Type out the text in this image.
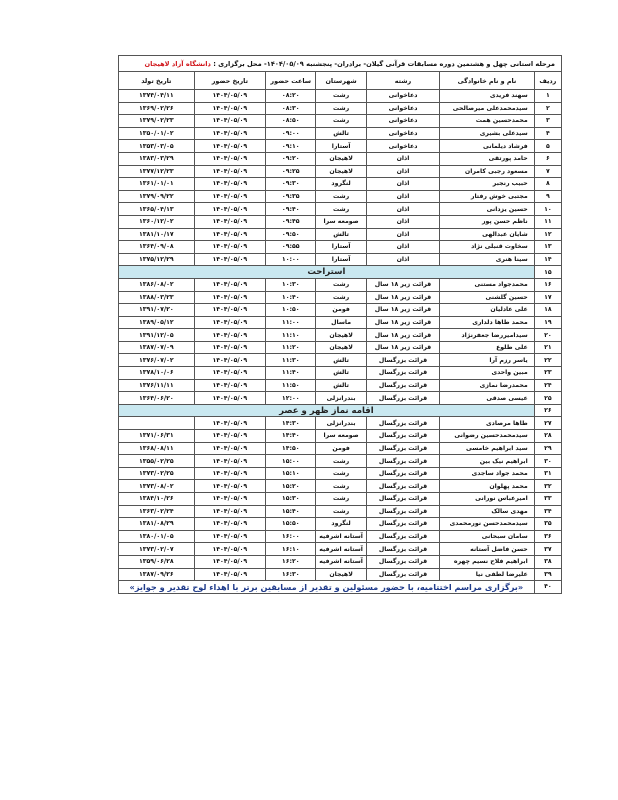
مرحله استانی چهل و هشتمین دوره مسابقات قرآنی گیلان- برادران- پنجشنبه ۱۴۰۴/۰۵/۰۹- محل برگزاری : دانشگاه آزاد لاهیجان						
ردیف	نام و نام خانوادگی	رشته	شهرستان	ساعت حضور	تاریخ حضور	تاریخ تولد
۱	سهند فریدی	دعاخوانی	رشت	۰۸:۲۰	۱۴۰۴/۰۵/۰۹	۱۳۷۴/۰۴/۱۱
۲	سیدمحمدعلی میرصالحی	دعاخوانی	رشت	۰۸:۳۰	۱۴۰۴/۰۵/۰۹	۱۳۶۹/۰۲/۲۶
۳	محمدحسین همت	دعاخوانی	رشت	۰۸:۵۰	۱۴۰۴/۰۵/۰۹	۱۳۷۹/۰۲/۲۳
۴	سیدعلی بشیری	دعاخوانی	تالش	۰۹:۰۰	۱۴۰۴/۰۵/۰۹	۱۳۵۰/۰۱/۰۲
۵	فرشاد دیلمانی	دعاخوانی	آستارا	۰۹:۱۰	۱۴۰۴/۰۵/۰۹	۱۳۵۳/۰۳/۰۵
۶	حامد پورتقی	اذان	لاهیجان	۰۹:۲۰	۱۴۰۴/۰۵/۰۹	۱۳۸۳/۰۳/۲۹
۷	مسعود رجبی کامران	اذان	لاهیجان	۰۹:۲۵	۱۴۰۴/۰۵/۰۹	۱۳۷۷/۱۲/۲۳
۸	حبیب رنجبر	اذان	لنگرود	۰۹:۳۰	۱۴۰۴/۰۵/۰۹	۱۳۶۱/۰۱/۰۱
۹	مجتبی خوش رفتار	اذان	رشت	۰۹:۳۵	۱۴۰۴/۰۵/۰۹	۱۳۷۹/۰۹/۲۲
۱۰	حسین یزدانی	اذان	رشت	۰۹:۴۰	۱۴۰۴/۰۵/۰۹	۱۳۶۵/۰۴/۱۳
۱۱	ناظم حسن پور	اذان	صومعه سرا	۰۹:۴۵	۱۴۰۴/۰۵/۰۹	۱۳۶۰/۱۲/۰۲
۱۲	شایان عبدالهی	اذان	تالش	۰۹:۵۰	۱۴۰۴/۰۵/۰۹	۱۳۸۱/۱۰/۱۷
۱۳	سخاوت قنبلی نژاد	اذان	آستارا	۰۹:۵۵	۱۴۰۴/۰۵/۰۹	۱۳۶۴/۰۹/۰۸
۱۴	سینا هنری	اذان	آستارا	۱۰:۰۰	۱۴۰۴/۰۵/۰۹	۱۳۷۵/۱۲/۲۹
۱۵	استراحت					
۱۶	محمدجواد مستنی	قرائت زیر ۱۸ سال	رشت	۱۰:۳۰	۱۴۰۴/۰۵/۰۹	۱۳۸۶/۰۸/۰۲
۱۷	حسین گلشنی	قرائت زیر ۱۸ سال	رشت	۱۰:۴۰	۱۴۰۴/۰۵/۰۹	۱۳۸۸/۰۳/۲۳
۱۸	علی عادلیان	قرائت زیر ۱۸ سال	فومن	۱۰:۵۰	۱۴۰۴/۰۵/۰۹	۱۳۹۱/۰۷/۲۰
۱۹	محمد طاها دلداری	قرائت زیر ۱۸ سال	ماسال	۱۱:۰۰	۱۴۰۴/۰۵/۰۹	۱۳۸۹/۰۵/۱۲
۲۰	سیدامیررضا جعفرنژاد	قرائت زیر ۱۸ سال	لاهیجان	۱۱:۱۰	۱۴۰۴/۰۵/۰۹	۱۳۹۱/۱۲/۰۵
۲۱	علی طلوع	قرائت زیر ۱۸ سال	لاهیجان	۱۱:۲۰	۱۴۰۴/۰۵/۰۹	۱۳۸۷/۰۷/۰۹
۲۲	یاسر رزم آرا	قرائت بزرگسال	تالش	۱۱:۳۰	۱۴۰۴/۰۵/۰۹	۱۳۷۶/۰۷/۰۲
۲۳	مبین واحدی	قرائت بزرگسال	تالش	۱۱:۴۰	۱۴۰۴/۰۵/۰۹	۱۳۷۸/۱۰/۰۶
۲۴	محمدرضا نمازی	قرائت بزرگسال	تالش	۱۱:۵۰	۱۴۰۴/۰۵/۰۹	۱۳۷۶/۱۱/۱۱
۲۵	عیسی صدقی	قرائت بزرگسال	بندرانزلی	۱۲:۰۰	۱۴۰۴/۰۵/۰۹	۱۳۶۴/۰۶/۲۰
۲۶	اقامه نماز ظهر و عصر					
۲۷	طاها مرصادی	قرائت بزرگسال	بندرانزلی	۱۴:۳۰	۱۴۰۴/۰۵/۰۹	
۲۸	سیدمحمدحسین رضوانی	قرائت بزرگسال	صومعه سرا	۱۴:۴۰	۱۴۰۴/۰۵/۰۹	۱۳۷۱/۰۶/۳۱
۲۹	سید ابراهیم خامسی	قرائت بزرگسال	فومن	۱۴:۵۰	۱۴۰۴/۰۵/۰۹	۱۳۶۸/۰۸/۱۱
۳۰	ابراهیم نیک بین	قرائت بزرگسال	رشت	۱۵:۰۰	۱۴۰۴/۰۵/۰۹	۱۳۵۵/۰۲/۲۵
۳۱	محمد جواد ساجدی	قرائت بزرگسال	رشت	۱۵:۱۰	۱۴۰۴/۰۵/۰۹	۱۳۷۳/۰۲/۲۵
۳۲	محمد پهلوان	قرائت بزرگسال	رشت	۱۵:۲۰	۱۴۰۴/۰۵/۰۹	۱۳۷۳/۰۸/۰۲
۳۳	امیرعباس نورانی	قرائت بزرگسال	رشت	۱۵:۳۰	۱۴۰۴/۰۵/۰۹	۱۳۸۴/۱۰/۲۶
۳۴	مهدی سالک	قرائت بزرگسال	رشت	۱۵:۴۰	۱۴۰۴/۰۵/۰۹	۱۳۶۳/۰۲/۲۴
۳۵	سیدمحمدحسن نورمحمدی	قرائت بزرگسال	لنگرود	۱۵:۵۰	۱۴۰۴/۰۵/۰۹	۱۳۸۱/۰۸/۲۹
۳۶	سامان سبحانی	قرائت بزرگسال	آستانه اشرفیه	۱۶:۰۰	۱۴۰۴/۰۵/۰۹	۱۳۸۰/۰۱/۰۵
۳۷	حسن فاضل آستانه	قرائت بزرگسال	آستانه اشرفیه	۱۶:۱۰	۱۴۰۴/۰۵/۰۹	۱۳۷۳/۰۲/۰۷
۳۸	ابراهیم فلاح نسیم چهره	قرائت بزرگسال	آستانه اشرفیه	۱۶:۲۰	۱۴۰۴/۰۵/۰۹	۱۳۵۹/۰۶/۲۸
۳۹	علیرضا لطفی نیا	قرائت بزرگسال	لاهیجان	۱۶:۳۰	۱۴۰۴/۰۵/۰۹	۱۳۸۷/۰۹/۲۶
۴۰	«برگزاری مراسم اختتامیه، با حضور مسئولین و تقدیر از مسابقین برتر با اهداء لوح تقدیر و جوایز»					
